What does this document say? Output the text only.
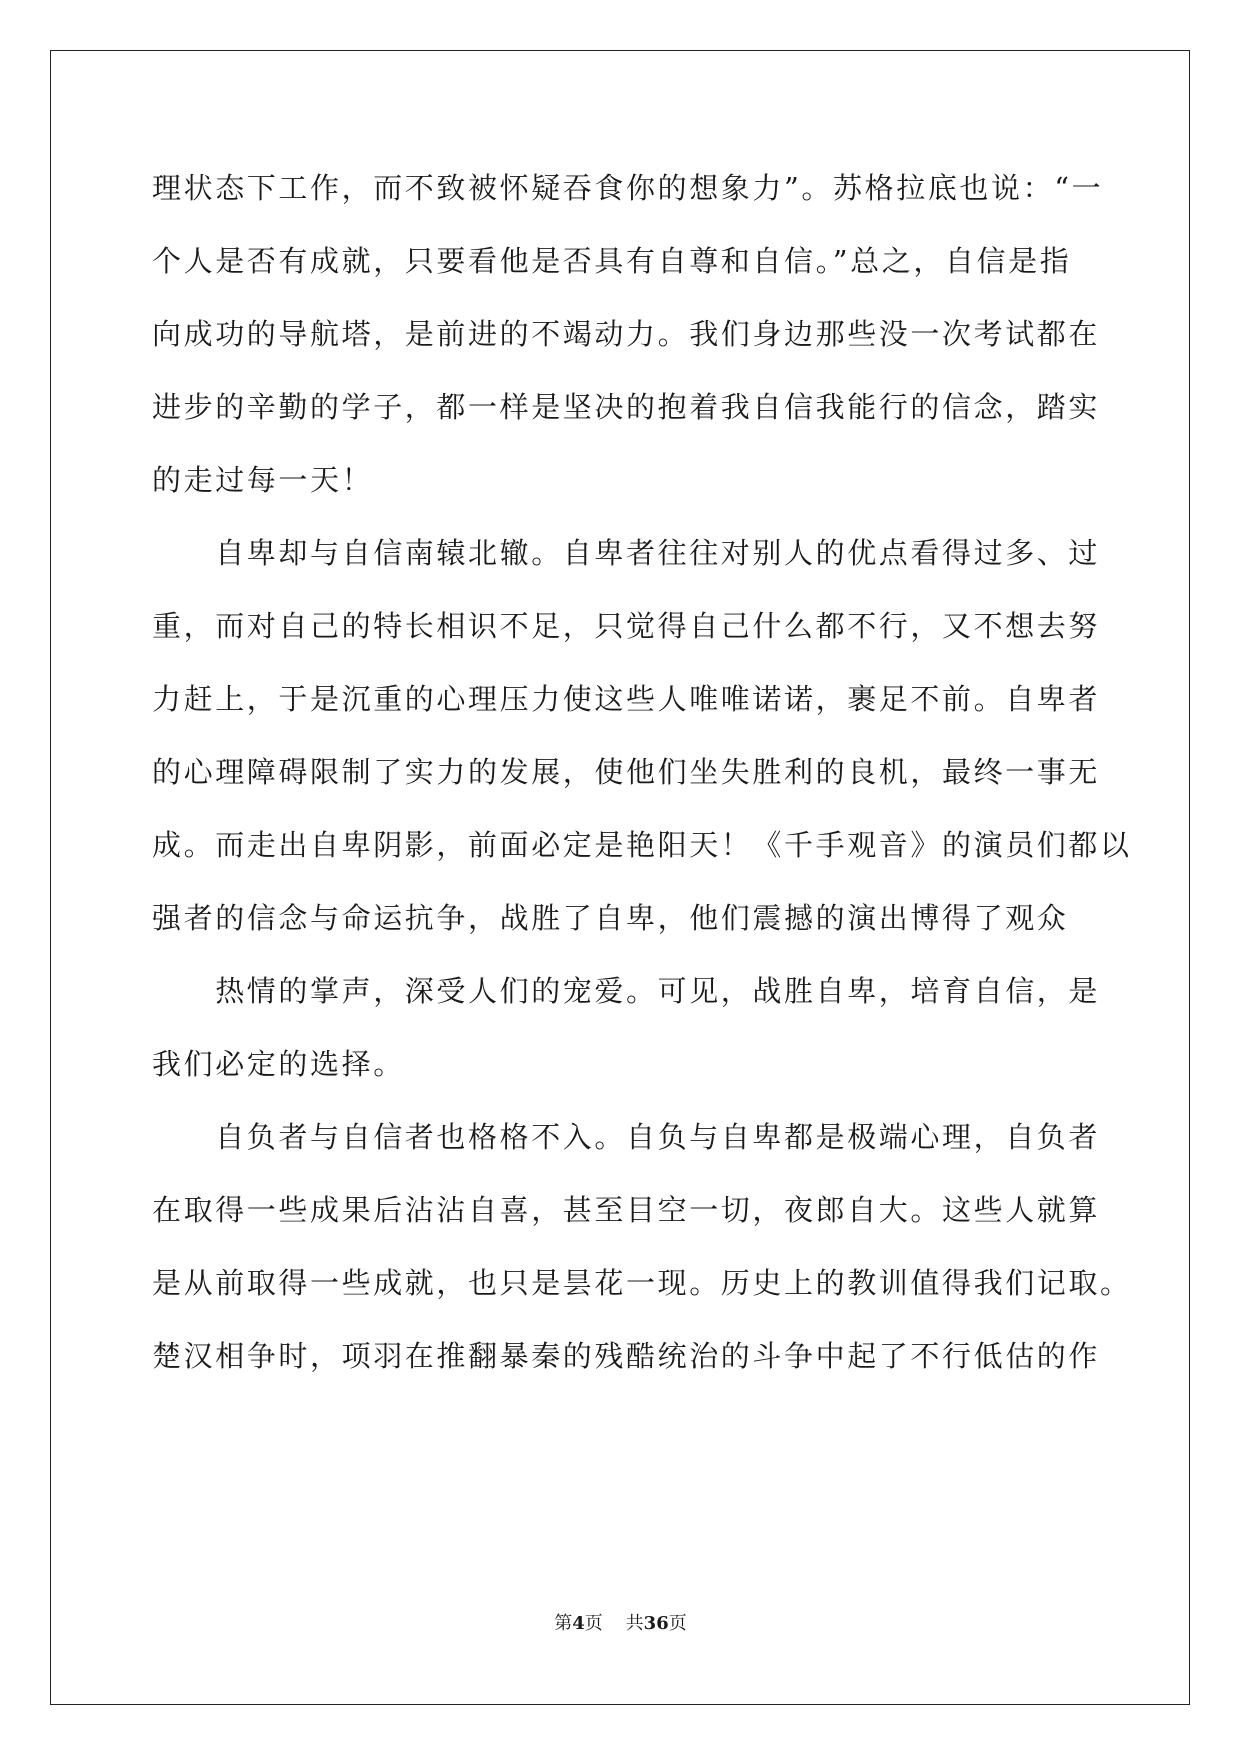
理状态下工作，而不致被怀疑吞食你的想象力”。苏格拉底也说：“一
个人是否有成就，只要看他是否具有自尊和自信。”总之，自信是指
向成功的导航塔，是前进的不竭动力。我们身边那些没一次考试都在
进步的辛勤的学子，都一样是坚决的抱着我自信我能行的信念，踏实
的走过每一天！
　　自卑却与自信南辕北辙。自卑者往往对别人的优点看得过多、过
重，而对自己的特长相识不足，只觉得自己什么都不行，又不想去努
力赶上，于是沉重的心理压力使这些人唯唯诺诺，裹足不前。自卑者
的心理障碍限制了实力的发展，使他们坐失胜利的良机，最终一事无
成。而走出自卑阴影，前面必定是艳阳天！《千手观音》的演员们都以
强者的信念与命运抗争，战胜了自卑，他们震撼的演出博得了观众
　　热情的掌声，深受人们的宠爱。可见，战胜自卑，培育自信，是
我们必定的选择。
　　自负者与自信者也格格不入。自负与自卑都是极端心理，自负者
在取得一些成果后沾沾自喜，甚至目空一切，夜郎自大。这些人就算
是从前取得一些成就，也只是昙花一现。历史上的教训值得我们记取。
楚汉相争时，项羽在推翻暴秦的残酷统治的斗争中起了不行低估的作
第4页 共36页
